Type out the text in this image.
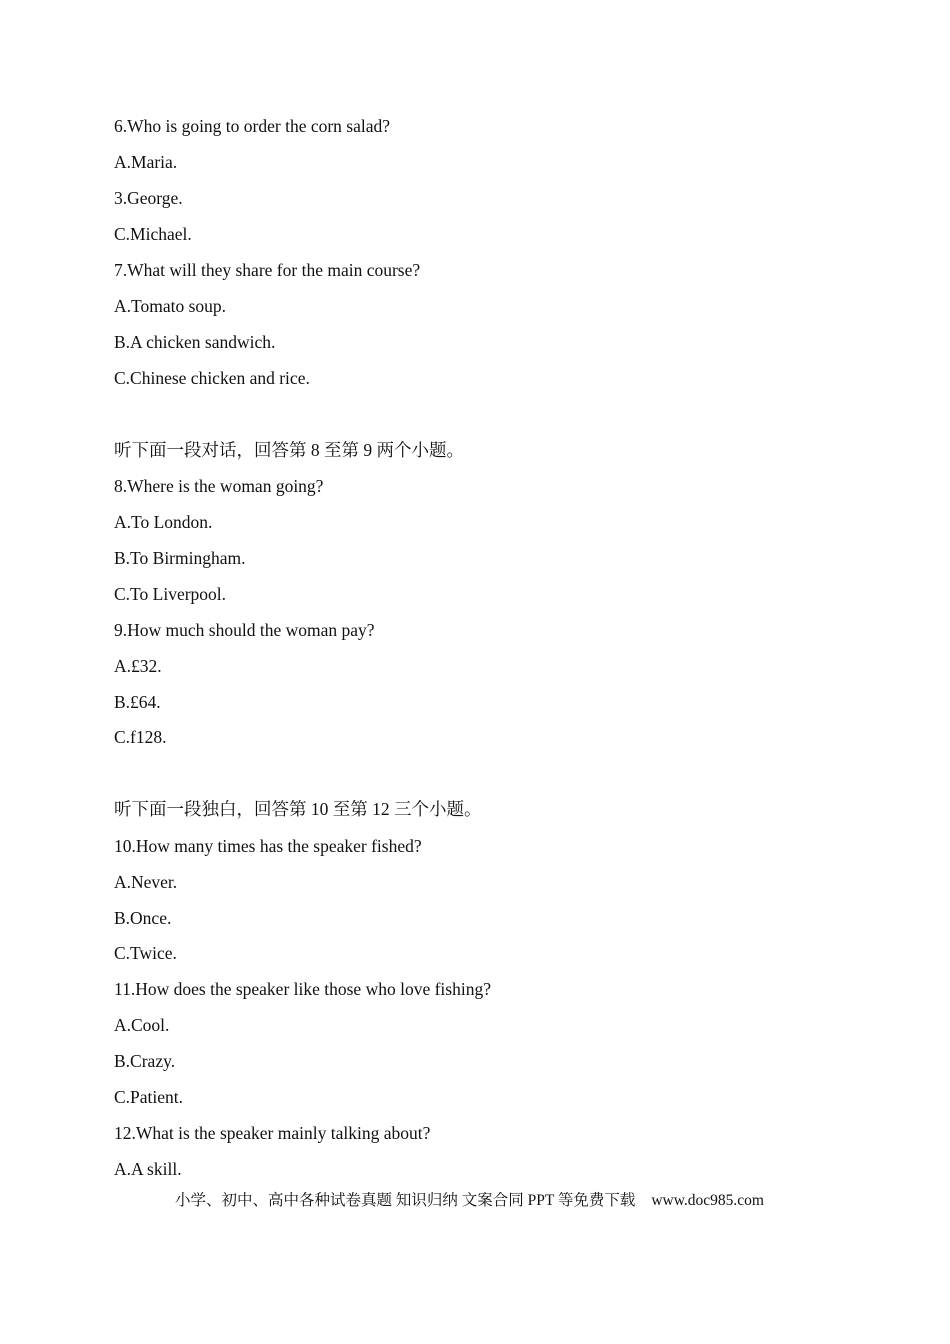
6.Who is going to order the corn salad?
A.Maria.
3.George.
C.Michael.
7.What will they share for the main course?
A.Tomato soup.
B.A chicken sandwich.
C.Chinese chicken and rice.
听下面一段对话，回答第 8 至第 9 两个小题。
8.Where is the woman going?
A.To London.
B.To Birmingham.
C.To Liverpool.
9.How much should the woman pay?
A.£32.
B.£64.
C.f128.
听下面一段独白，回答第 10 至第 12 三个小题。
10.How many times has the speaker fished?
A.Never.
B.Once.
C.Twice.
11.How does the speaker like those who love fishing?
A.Cool.
B.Crazy.
C.Patient.
12.What is the speaker mainly talking about?
A.A skill.
小学、初中、高中各种试卷真题 知识归纳 文案合同 PPT 等免费下载 www.doc985.com
